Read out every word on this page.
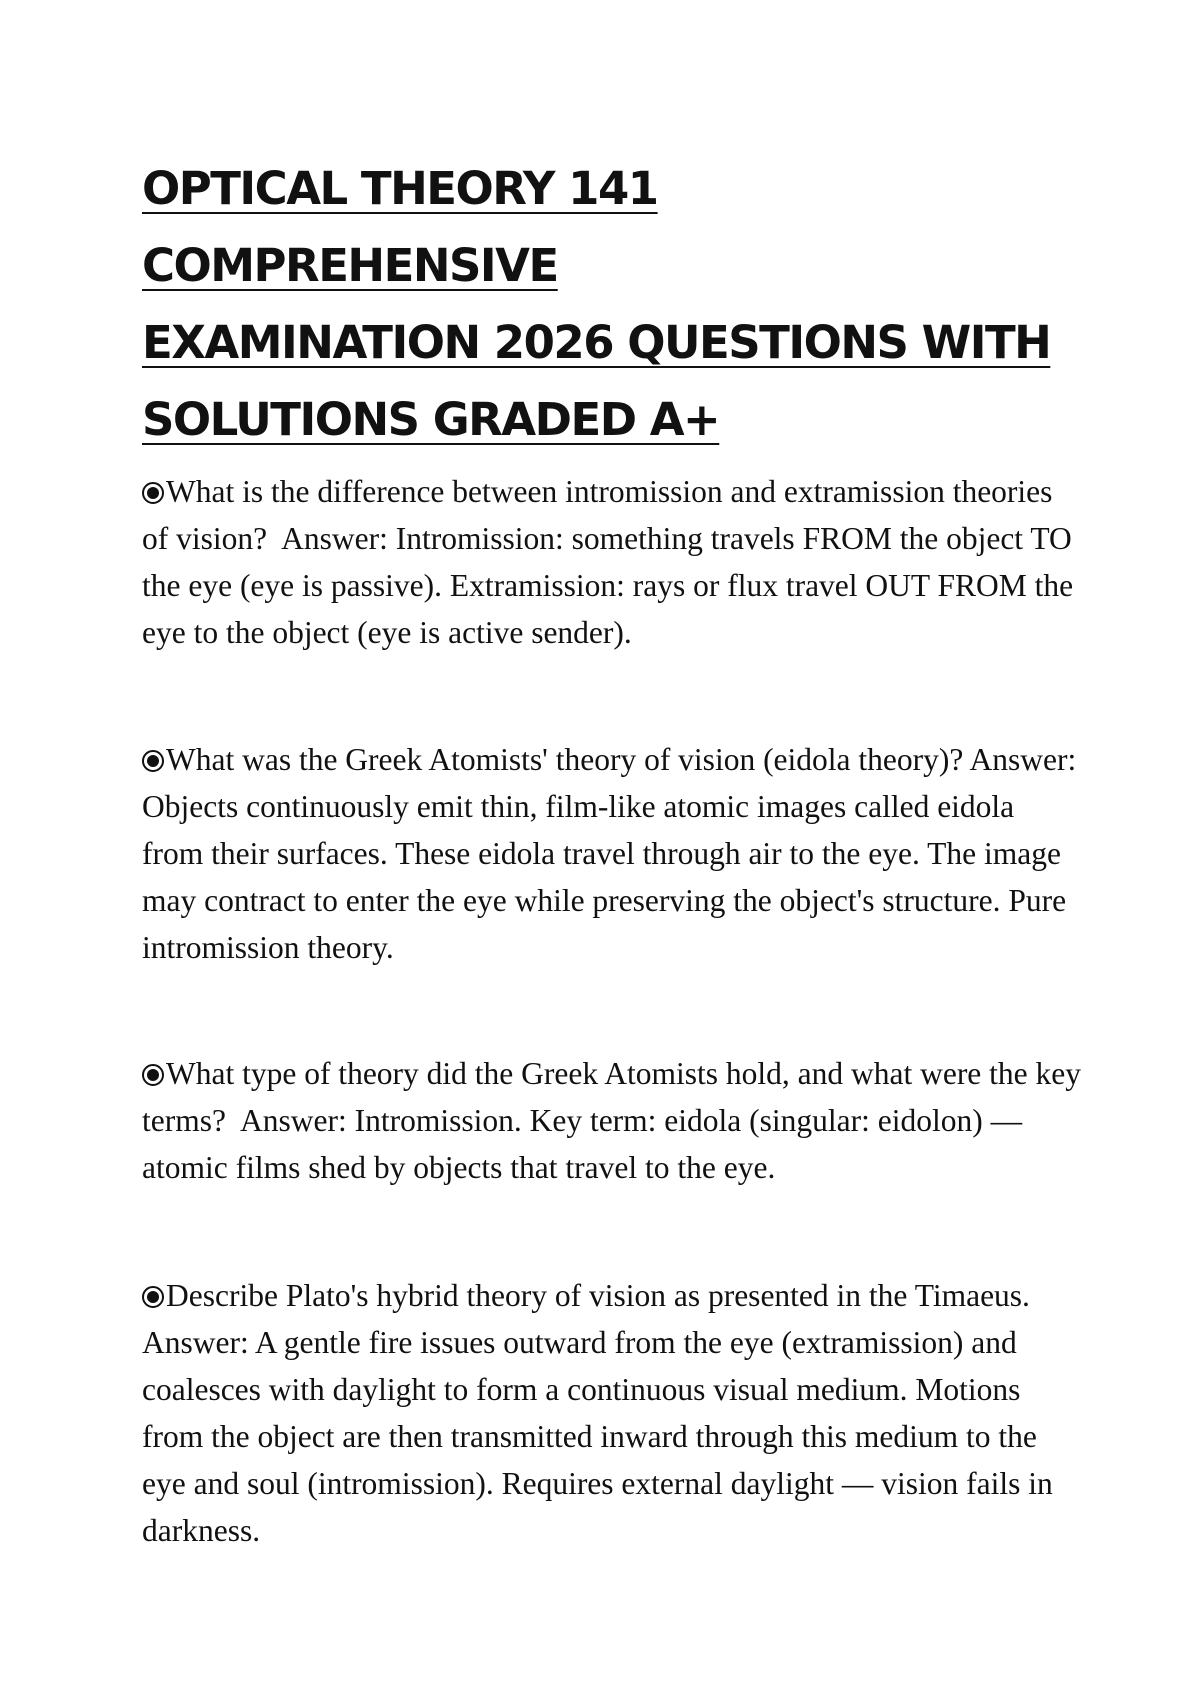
OPTICAL THEORY 141 COMPREHENSIVE
EXAMINATION 2026 QUESTIONS WITH
SOLUTIONS GRADED A+

What is the difference between intromission and extramission theories of vision? Answer: Intromission: something travels FROM the object TO the eye (eye is passive). Extramission: rays or flux travel OUT FROM the eye to the object (eye is active sender).

What was the Greek Atomists' theory of vision (eidola theory)? Answer: Objects continuously emit thin, film-like atomic images called eidola from their surfaces. These eidola travel through air to the eye. The image may contract to enter the eye while preserving the object's structure. Pure intromission theory.

What type of theory did the Greek Atomists hold, and what were the key terms? Answer: Intromission. Key term: eidola (singular: eidolon) — atomic films shed by objects that travel to the eye.

Describe Plato's hybrid theory of vision as presented in the Timaeus.  Answer: A gentle fire issues outward from the eye (extramission) and coalesces with daylight to form a continuous visual medium. Motions from the object are then transmitted inward through this medium to the eye and soul (intromission). Requires external daylight — vision fails in darkness.
